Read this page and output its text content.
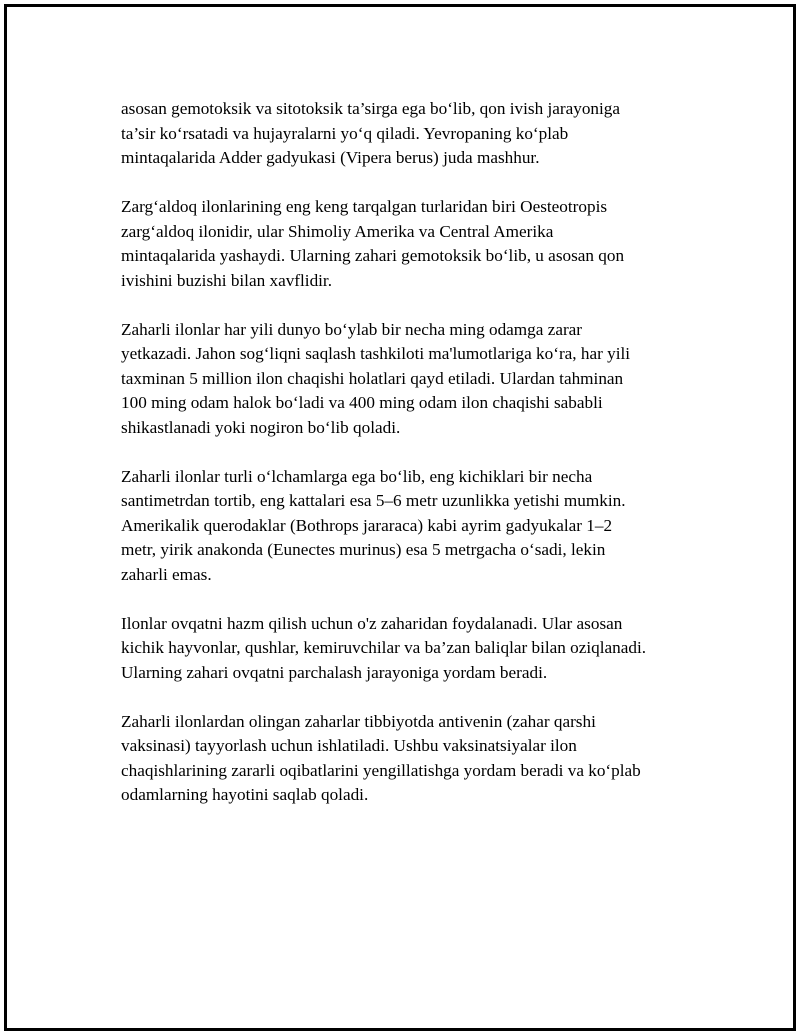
asosan gemotoksik va sitotoksik ta’sirga ega bo‘lib, qon ivish jarayoniga
ta’sir ko‘rsatadi va hujayralarni yo‘q qiladi. Yevropaning ko‘plab
mintaqalarida Adder gadyukasi (Vipera berus) juda mashhur.

Zarg‘aldoq ilonlarining eng keng tarqalgan turlaridan biri Oesteotropis
zarg‘aldoq ilonidir, ular Shimoliy Amerika va Central Amerika
mintaqalarida yashaydi. Ularning zahari gemotoksik bo‘lib, u asosan qon
ivishini buzishi bilan xavflidir.

Zaharli ilonlar har yili dunyo bo‘ylab bir necha ming odamga zarar
yetkazadi. Jahon sog‘liqni saqlash tashkiloti ma'lumotlariga ko‘ra, har yili
taxminan 5 million ilon chaqishi holatlari qayd etiladi. Ulardan tahminan
100 ming odam halok bo‘ladi va 400 ming odam ilon chaqishi sababli
shikastlanadi yoki nogiron bo‘lib qoladi.

Zaharli ilonlar turli o‘lchamlarga ega bo‘lib, eng kichiklari bir necha
santimetrdan tortib, eng kattalari esa 5–6 metr uzunlikka yetishi mumkin.
Amerikalik querodaklar (Bothrops jararaca) kabi ayrim gadyukalar 1–2
metr, yirik anakonda (Eunectes murinus) esa 5 metrgacha o‘sadi, lekin
zaharli emas.

Ilonlar ovqatni hazm qilish uchun o'z zaharidan foydalanadi. Ular asosan
kichik hayvonlar, qushlar, kemiruvchilar va ba’zan baliqlar bilan oziqlanadi.
Ularning zahari ovqatni parchalash jarayoniga yordam beradi.

Zaharli ilonlardan olingan zaharlar tibbiyotda antivenin (zahar qarshi
vaksinasi) tayyorlash uchun ishlatiladi. Ushbu vaksinatsiyalar ilon
chaqishlarining zararli oqibatlarini yengillatishga yordam beradi va ko‘plab
odamlarning hayotini saqlab qoladi.
